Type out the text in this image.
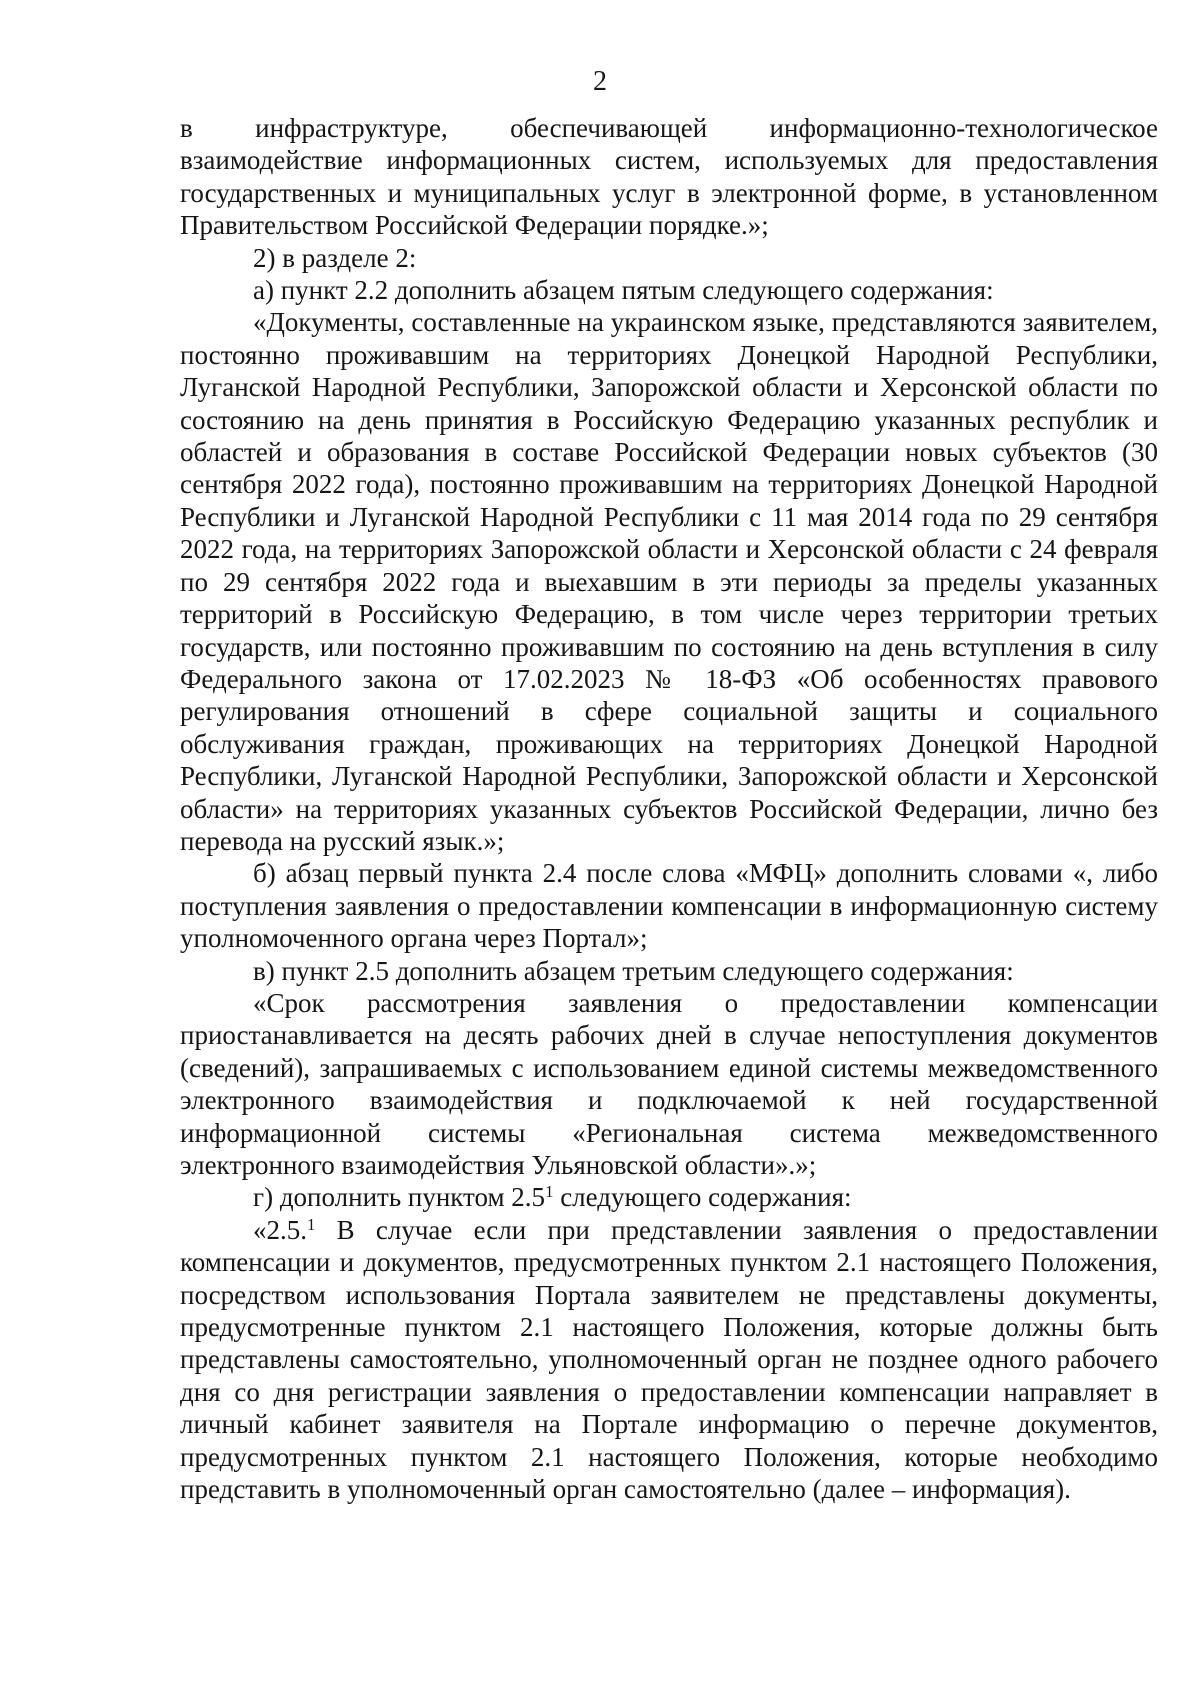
2

в инфраструктуре, обеспечивающей информационно-технологическое взаимодействие информационных систем, используемых для предоставления государственных и муниципальных услуг в электронной форме, в установленном Правительством Российской Федерации порядке.»;

2) в разделе 2:

а) пункт 2.2 дополнить абзацем пятым следующего содержания:

«Документы, составленные на украинском языке, представляются заявителем, постоянно проживавшим на территориях Донецкой Народной Республики, Луганской Народной Республики, Запорожской области и Херсонской области по состоянию на день принятия в Российскую Федерацию указанных республик и областей и образования в составе Российской Федерации новых субъектов (30 сентября 2022 года), постоянно проживавшим на территориях Донецкой Народной Республики и Луганской Народной Республики с 11 мая 2014 года по 29 сентября 2022 года, на территориях Запорожской области и Херсонской области с 24 февраля по 29 сентября 2022 года и выехавшим в эти периоды за пределы указанных территорий в Российскую Федерацию, в том числе через территории третьих государств, или постоянно проживавшим по состоянию на день вступления в силу Федерального закона от 17.02.2023 № 18-ФЗ «Об особенностях правового регулирования отношений в сфере социальной защиты и социального обслуживания граждан, проживающих на территориях Донецкой Народной Республики, Луганской Народной Республики, Запорожской области и Херсонской области» на территориях указанных субъектов Российской Федерации, лично без перевода на русский язык.»;

б) абзац первый пункта 2.4 после слова «МФЦ» дополнить словами «, либо поступления заявления о предоставлении компенсации в информационную систему уполномоченного органа через Портал»;

в) пункт 2.5 дополнить абзацем третьим следующего содержания:

«Срок рассмотрения заявления о предоставлении компенсации приостанавливается на десять рабочих дней в случае непоступления документов (сведений), запрашиваемых с использованием единой системы межведомственного электронного взаимодействия и подключаемой к ней государственной информационной системы «Региональная система межведомственного электронного взаимодействия Ульяновской области».»;

г) дополнить пунктом $2.5^1$ следующего содержания:

«2.5.$^1$ В случае если при представлении заявления о предоставлении компенсации и документов, предусмотренных пунктом 2.1 настоящего Положения, посредством использования Портала заявителем не представлены документы, предусмотренные пунктом 2.1 настоящего Положения, которые должны быть представлены самостоятельно, уполномоченный орган не позднее одного рабочего дня со дня регистрации заявления о предоставлении компенсации направляет в личный кабинет заявителя на Портале информацию о перечне документов, предусмотренных пунктом 2.1 настоящего Положения, которые необходимо представить в уполномоченный орган самостоятельно (далее – информация).
